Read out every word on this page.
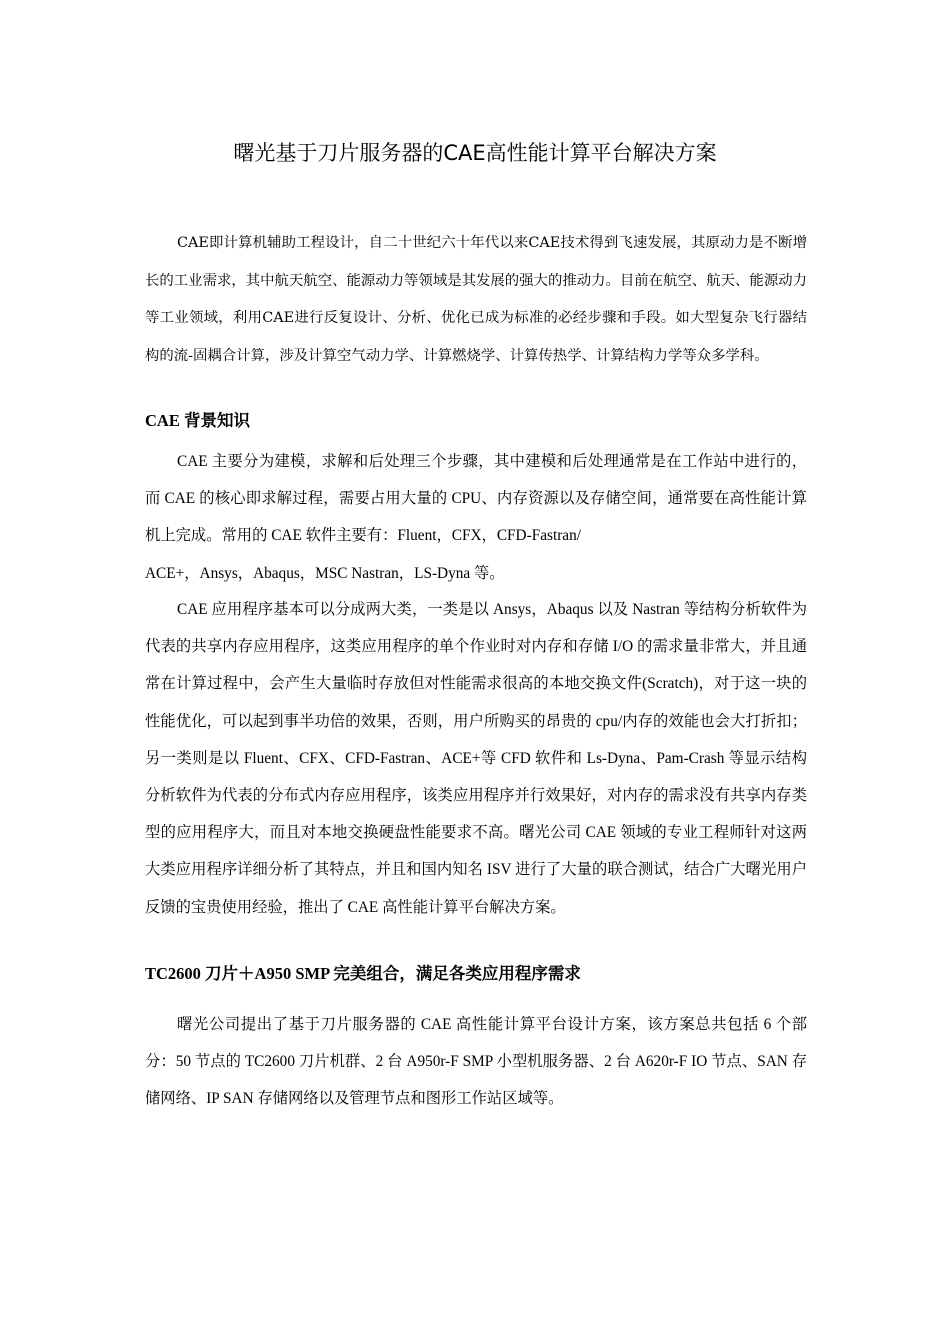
曙光基于刀片服务器的CAE高性能计算平台解决方案

CAE即计算机辅助工程设计，自二十世纪六十年代以来CAE技术得到飞速发展，其原动力是不断增长的工业需求，其中航天航空、能源动力等领域是其发展的强大的推动力。目前在航空、航天、能源动力等工业领域，利用CAE进行反复设计、分析、优化已成为标准的必经步骤和手段。如大型复杂飞行器结构的流-固耦合计算，涉及计算空气动力学、计算燃烧学、计算传热学、计算结构力学等众多学科。

CAE 背景知识

CAE 主要分为建模，求解和后处理三个步骤，其中建模和后处理通常是在工作站中进行的，而 CAE 的核心即求解过程，需要占用大量的 CPU、内存资源以及存储空间，通常要在高性能计算机上完成。常用的 CAE 软件主要有：Fluent，CFX，CFD-Fastran/

ACE+，Ansys，Abaqus，MSC Nastran，LS-Dyna 等。

CAE 应用程序基本可以分成两大类，一类是以 Ansys，Abaqus 以及 Nastran 等结构分析软件为代表的共享内存应用程序，这类应用程序的单个作业时对内存和存储 I/O 的需求量非常大，并且通常在计算过程中，会产生大量临时存放但对性能需求很高的本地交换文件(Scratch)，对于这一块的性能优化，可以起到事半功倍的效果，否则，用户所购买的昂贵的 cpu/内存的效能也会大打折扣；另一类则是以 Fluent、CFX、CFD-Fastran、ACE+等 CFD 软件和 Ls-Dyna、Pam-Crash 等显示结构分析软件为代表的分布式内存应用程序，该类应用程序并行效果好，对内存的需求没有共享内存类型的应用程序大，而且对本地交换硬盘性能要求不高。曙光公司 CAE 领域的专业工程师针对这两大类应用程序详细分析了其特点，并且和国内知名 ISV 进行了大量的联合测试，结合广大曙光用户反馈的宝贵使用经验，推出了 CAE 高性能计算平台解决方案。

TC2600 刀片＋A950 SMP 完美组合，满足各类应用程序需求

曙光公司提出了基于刀片服务器的 CAE 高性能计算平台设计方案，该方案总共包括 6 个部分：50 节点的 TC2600 刀片机群、2 台 A950r-F SMP 小型机服务器、2 台 A620r-F IO 节点、SAN 存储网络、IP SAN 存储网络以及管理节点和图形工作站区域等。
